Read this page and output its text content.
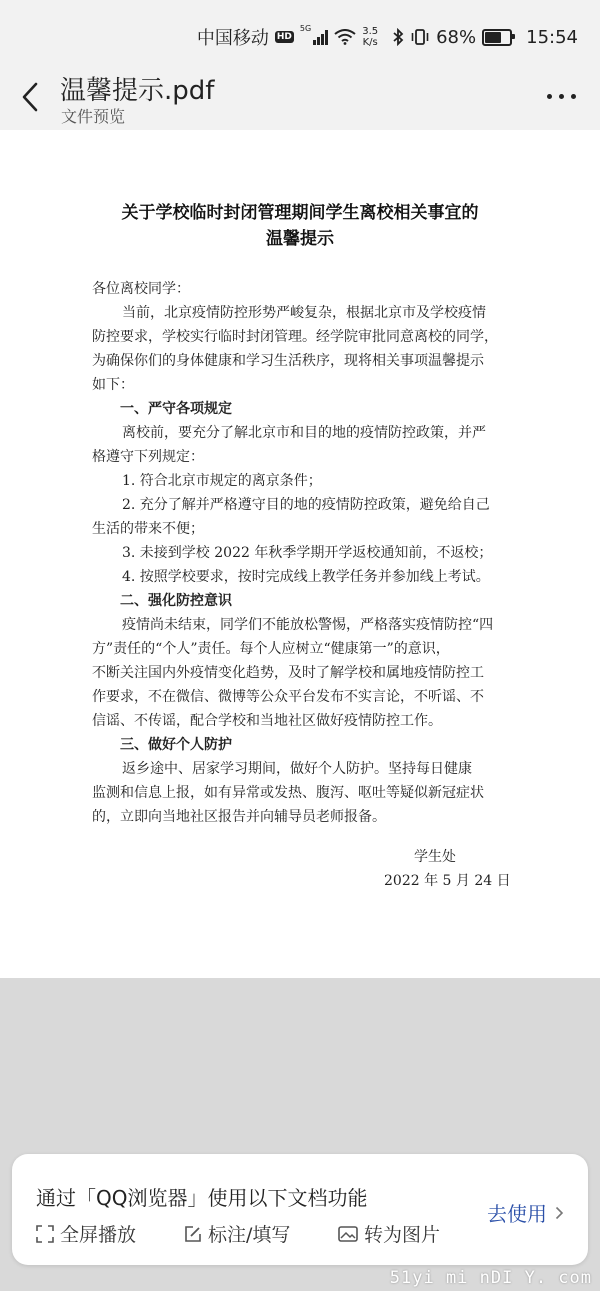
中国移动 HD
5G	3.5
K/s	68%	15:54
温馨提示.pdf
文件预览
关于学校临时封闭管理期间学生离校相关事宜的
温馨提示
各位离校同学：
当前，北京疫情防控形势严峻复杂，根据北京市及学校疫情
防控要求，学校实行临时封闭管理。经学院审批同意离校的同学，
为确保你们的身体健康和学习生活秩序，现将相关事项温馨提示
如下：
一、严守各项规定
离校前，要充分了解北京市和目的地的疫情防控政策，并严
格遵守下列规定：
1. 符合北京市规定的离京条件；
2. 充分了解并严格遵守目的地的疫情防控政策，避免给自己
生活的带来不便；
3. 未接到学校 2022 年秋季学期开学返校通知前，不返校；
4. 按照学校要求，按时完成线上教学任务并参加线上考试。
二、强化防控意识
疫情尚未结束，同学们不能放松警惕，严格落实疫情防控“四
方”责任的“个人”责任。每个人应树立“健康第一”的意识，
不断关注国内外疫情变化趋势，及时了解学校和属地疫情防控工
作要求，不在微信、微博等公众平台发布不实言论，不听谣、不
信谣、不传谣，配合学校和当地社区做好疫情防控工作。
三、做好个人防护
返乡途中、居家学习期间，做好个人防护。坚持每日健康
监测和信息上报，如有异常或发热、腹泻、呕吐等疑似新冠症状
的，立即向当地社区报告并向辅导员老师报备。
学生处
2022 年 5 月 24 日
通过「QQ浏览器」使用以下文档功能
全屏播放	标注/填写	转为图片
去使用
51yi mi nDI Y. com
